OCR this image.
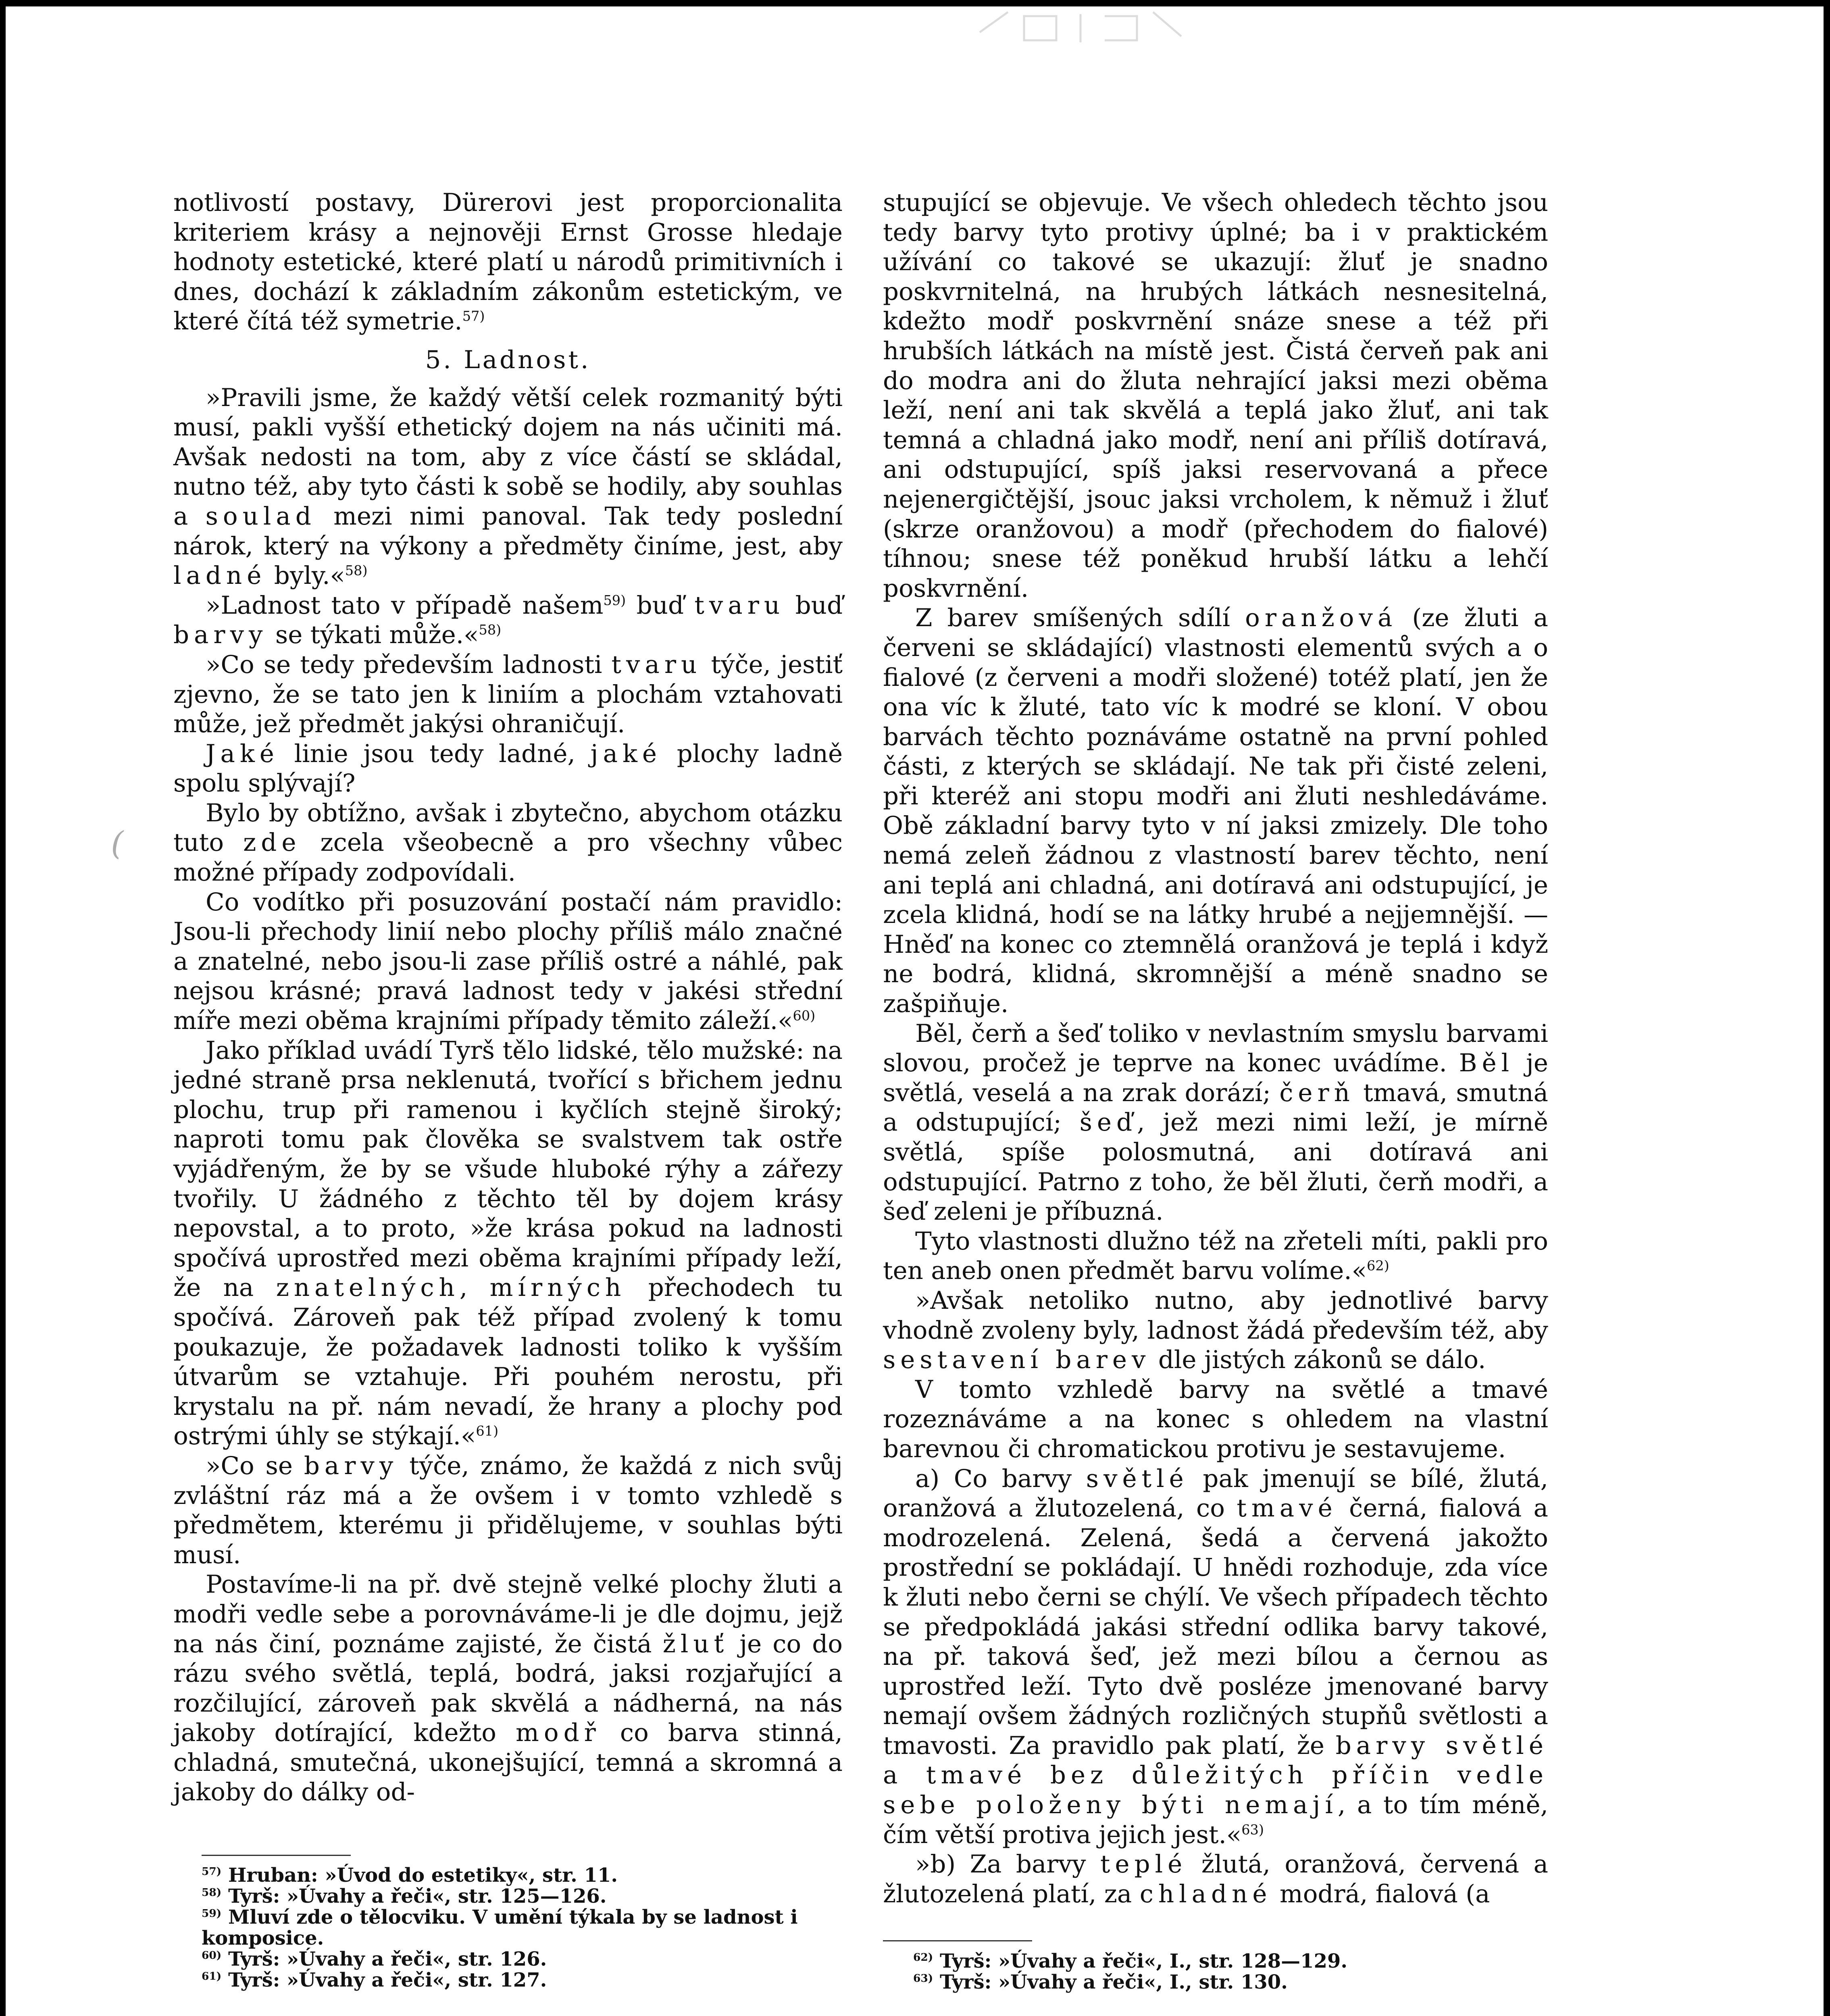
(

notlivostí postavy, Dürerovi jest proporcionalita kriteriem krásy a nejnověji Ernst Grosse hledaje hodnoty estetické, které platí u národů primitivních i dnes, dochází k základním zákonům estetickým, ve které čítá též symetrie.$^{57)}$

5. Ladnost.

»Pravili jsme, že každý větší celek rozmanitý býti musí, pakli vyšší ethetický dojem na nás učiniti má. Avšak nedosti na tom, aby z více částí se skládal, nutno též, aby tyto části k sobě se hodily, aby souhlas a soulad mezi nimi panoval. Tak tedy poslední nárok, který na výkony a předměty činíme, jest, aby ladné byly.«$^{58)}$

»Ladnost tato v případě našem$^{59)}$ buď tvaru buď barvy se týkati může.«$^{58)}$

»Co se tedy především ladnosti tvaru týče, jestiť zjevno, že se tato jen k liniím a plochám vztahovati může, jež předmět jakýsi ohraničují.

Jaké linie jsou tedy ladné, jaké plochy ladně spolu splývají?

Bylo by obtížno, avšak i zbytečno, abychom otázku tuto zde zcela všeobecně a pro všechny vůbec možné případy zodpovídali.

Co vodítko při posuzování postačí nám pravidlo: Jsou-li přechody linií nebo plochy příliš málo značné a znatelné, nebo jsou-li zase příliš ostré a náhlé, pak nejsou krásné; pravá ladnost tedy v jakési střední míře mezi oběma krajními případy těmito záleží.«$^{60)}$

Jako příklad uvádí Tyrš tělo lidské, tělo mužské: na jedné straně prsa neklenutá, tvořící s břichem jednu plochu, trup při ramenou i kyčlích stejně široký; naproti tomu pak člověka se svalstvem tak ostře vyjádřeným, že by se všude hluboké rýhy a zářezy tvořily. U žádného z těchto těl by dojem krásy nepovstal, a to proto, »že krása pokud na ladnosti spočívá uprostřed mezi oběma krajními případy leží, že na znatelných, mírných přechodech tu spočívá. Zároveň pak též případ zvolený k tomu poukazuje, že požadavek ladnosti toliko k vyšším útvarům se vztahuje. Při pouhém nerostu, při krystalu na př. nám nevadí, že hrany a plochy pod ostrými úhly se stýkají.«$^{61)}$

»Co se barvy týče, známo, že každá z nich svůj zvláštní ráz má a že ovšem i v tomto vzhledě s předmětem, kterému ji přidělujeme, v souhlas býti musí.

Postavíme-li na př. dvě stejně velké plochy žluti a modři vedle sebe a porovnáváme-li je dle dojmu, jejž na nás činí, poznáme zajisté, že čistá žluť je co do rázu svého světlá, teplá, bodrá, jaksi rozjařující a rozčilující, zároveň pak skvělá a nádherná, na nás jakoby dotírající, kdežto modř co barva stinná, chladná, smutečná, ukonejšující, temná a skromná a jakoby do dálky od-

$^{57)}$ Hruban: »Úvod do estetiky«, str. 11.

$^{58)}$ Tyrš: »Úvahy a řeči«, str. 125—126.

$^{59)}$ Mluví zde o tělocviku. V umění týkala by se ladnost i komposice.

$^{60)}$ Tyrš: »Úvahy a řeči«, str. 126.

$^{61)}$ Tyrš: »Úvahy a řeči«, str. 127.

stupující se objevuje. Ve všech ohledech těchto jsou tedy barvy tyto protivy úplné; ba i v praktickém užívání co takové se ukazují: žluť je snadno poskvrnitelná, na hrubých látkách nesnesitelná, kdežto modř poskvrnění snáze snese a též při hrubších látkách na místě jest. Čistá červeň pak ani do modra ani do žluta nehrající jaksi mezi oběma leží, není ani tak skvělá a teplá jako žluť, ani tak temná a chladná jako modř, není ani příliš dotíravá, ani odstupující, spíš jaksi reservovaná a přece nejenergičtější, jsouc jaksi vrcholem, k němuž i žluť (skrze oranžovou) a modř (přechodem do fialové) tíhnou; snese též poněkud hrubší látku a lehčí poskvrnění.

Z barev smíšených sdílí oranžová (ze žluti a červeni se skládající) vlastnosti elementů svých a o fialové (z červeni a modři složené) totéž platí, jen že ona víc k žluté, tato víc k modré se kloní. V obou barvách těchto poznáváme ostatně na první pohled části, z kterých se skládají. Ne tak při čisté zeleni, při kteréž ani stopu modři ani žluti neshledáváme. Obě základní barvy tyto v ní jaksi zmizely. Dle toho nemá zeleň žádnou z vlastností barev těchto, není ani teplá ani chladná, ani dotíravá ani odstupující, je zcela klidná, hodí se na látky hrubé a nejjemnější. — Hněď na konec co ztemnělá oranžová je teplá i když ne bodrá, klidná, skromnější a méně snadno se zašpiňuje.

Běl, čerň a šeď toliko v nevlastním smyslu barvami slovou, pročež je teprve na konec uvádíme. Běl je světlá, veselá a na zrak dorází; čerň tmavá, smutná a odstupující; šeď, jež mezi nimi leží, je mírně světlá, spíše polosmutná, ani dotíravá ani odstupující. Patrno z toho, že běl žluti, čerň modři, a šeď zeleni je příbuzná.

Tyto vlastnosti dlužno též na zřeteli míti, pakli pro ten aneb onen předmět barvu volíme.«$^{62)}$

»Avšak netoliko nutno, aby jednotlivé barvy vhodně zvoleny byly, ladnost žádá především též, aby sestavení barev dle jistých zákonů se dálo.

V tomto vzhledě barvy na světlé a tmavé rozeznáváme a na konec s ohledem na vlastní barevnou či chromatickou protivu je sestavujeme.

a) Co barvy světlé pak jmenují se bílé, žlutá, oranžová a žlutozelená, co tmavé černá, fialová a modrozelená. Zelená, šedá a červená jakožto prostřední se pokládají. U hnědi rozhoduje, zda více k žluti nebo černi se chýlí. Ve všech případech těchto se předpokládá jakási střední odlika barvy takové, na př. taková šeď, jež mezi bílou a černou as uprostřed leží. Tyto dvě posléze jmenované barvy nemají ovšem žádných rozličných stupňů světlosti a tmavosti. Za pravidlo pak platí, že barvy světlé a tmavé bez důležitých příčin vedle sebe položeny býti nemají, a to tím méně, čím větší protiva jejich jest.«$^{63)}$

»b) Za barvy teplé žlutá, oranžová, červená a žlutozelená platí, za chladné modrá, fialová (a

$^{62)}$ Tyrš: »Úvahy a řeči«, I., str. 128—129.

$^{63)}$ Tyrš: »Úvahy a řeči«, I., str. 130.
